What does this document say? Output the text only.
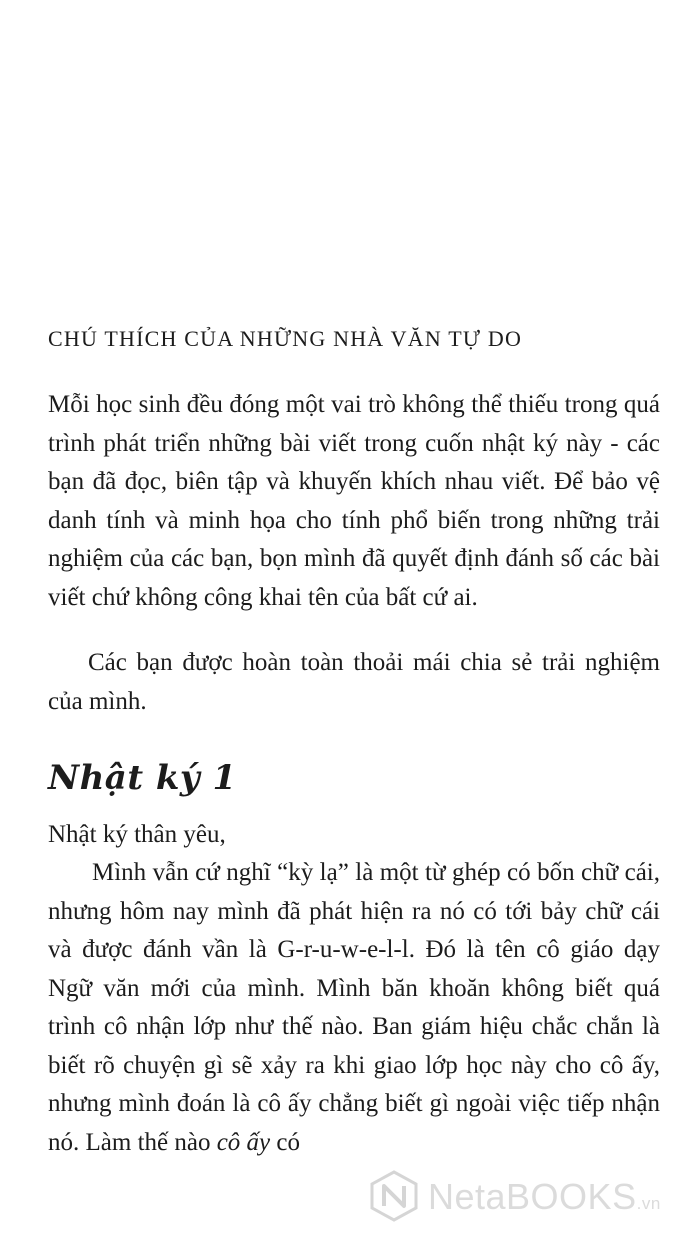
CHÚ THÍCH CỦA NHỮNG NHÀ VĂN TỰ DO

Mỗi học sinh đều đóng một vai trò không thể thiếu trong quá trình phát triển những bài viết trong cuốn nhật ký này - các bạn đã đọc, biên tập và khuyến khích nhau viết. Để bảo vệ danh tính và minh họa cho tính phổ biến trong những trải nghiệm của các bạn, bọn mình đã quyết định đánh số các bài viết chứ không công khai tên của bất cứ ai.

Các bạn được hoàn toàn thoải mái chia sẻ trải nghiệm của mình.

Nhật ký 1

Nhật ký thân yêu,

Mình vẫn cứ nghĩ “kỳ lạ” là một từ ghép có bốn chữ cái, nhưng hôm nay mình đã phát hiện ra nó có tới bảy chữ cái và được đánh vần là G-r-u-w-e-l-l. Đó là tên cô giáo dạy Ngữ văn mới của mình. Mình băn khoăn không biết quá trình cô nhận lớp như thế nào. Ban giám hiệu chắc chắn là biết rõ chuyện gì sẽ xảy ra khi giao lớp học này cho cô ấy, nhưng mình đoán là cô ấy chẳng biết gì ngoài việc tiếp nhận nó. Làm thế nào cô ấy có

NetaBOOKS.vn
